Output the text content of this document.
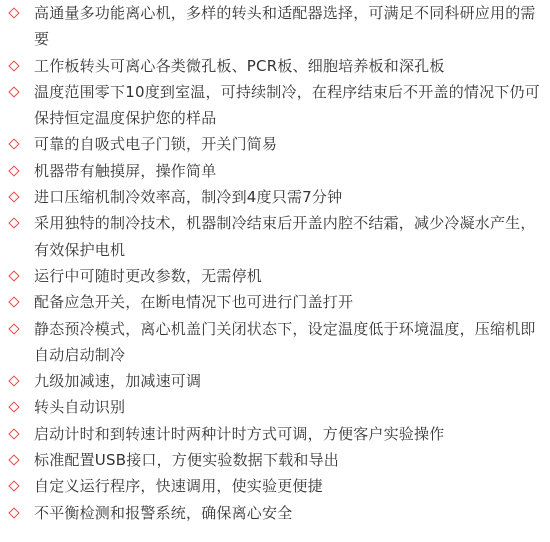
高通量多功能离心机，多样的转头和适配器选择，可满足不同科研应用的需要
工作板转头可离心各类微孔板、PCR板、细胞培养板和深孔板
温度范围零下10度到室温，可持续制冷，在程序结束后不开盖的情况下仍可保持恒定温度保护您的样品
可靠的自吸式电子门锁，开关门简易
机器带有触摸屏，操作简单
进口压缩机制冷效率高，制冷到4度只需7分钟
采用独特的制冷技术，机器制冷结束后开盖内腔不结霜，减少冷凝水产生，有效保护电机
运行中可随时更改参数，无需停机
配备应急开关，在断电情况下也可进行门盖打开
静态预冷模式，离心机盖门关闭状态下，设定温度低于环境温度，压缩机即自动启动制冷
九级加减速，加减速可调
转头自动识别
启动计时和到转速计时两种计时方式可调，方便客户实验操作
标准配置USB接口，方便实验数据下载和导出
自定义运行程序，快速调用，使实验更便捷
不平衡检测和报警系统，确保离心安全
